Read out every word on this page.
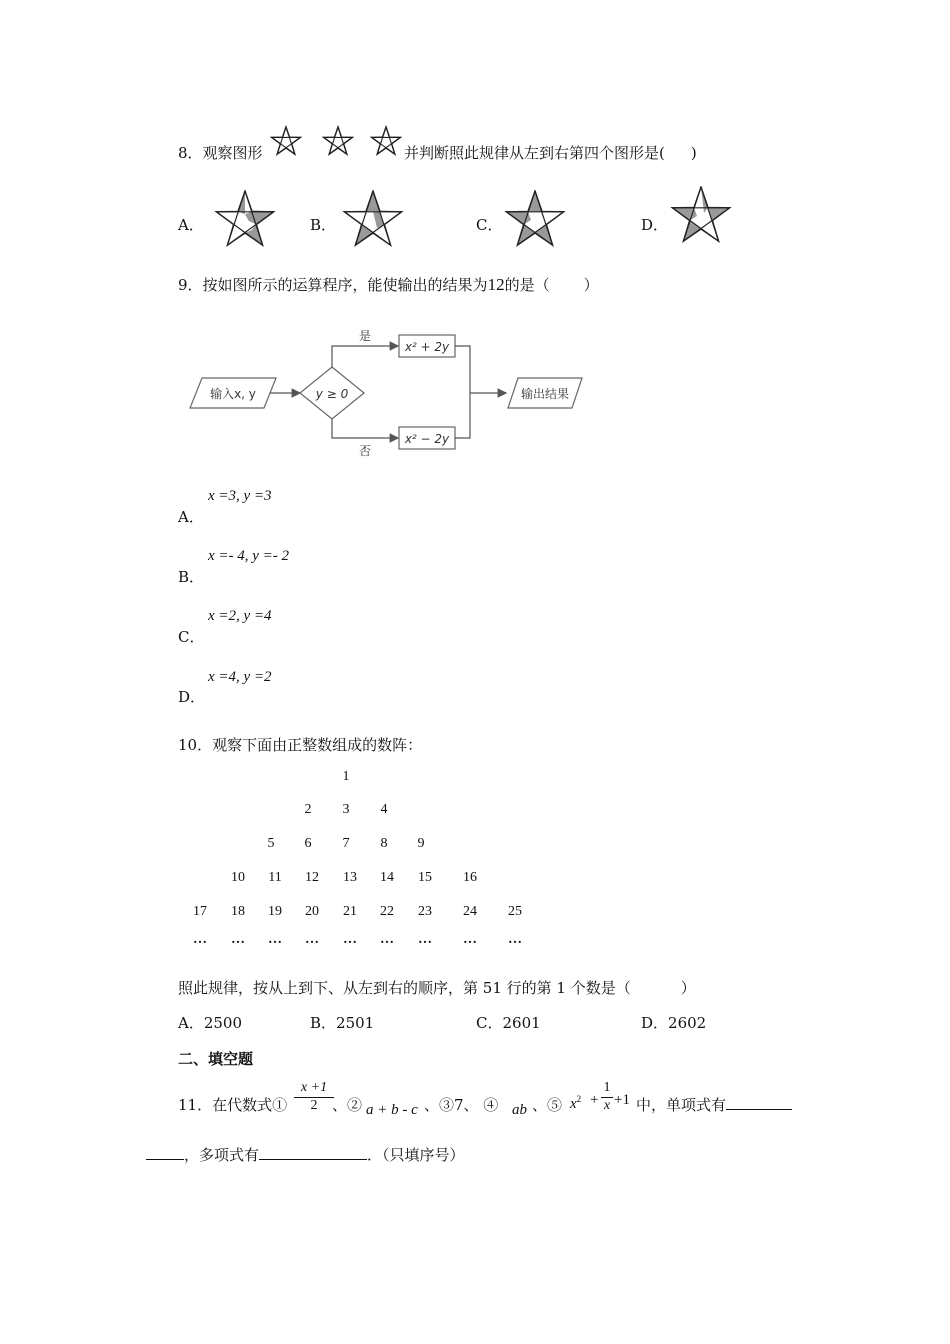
8．观察图形	并判断照此规律从左到右第四个图形是( )
A．	B．	C．	D．
9．按如图所示的运算程序，能使输出的结果为12的是（ ）
输入x, y	y ≥ 0
是
x² + 2y
否
x² − 2y
输出结果
x =3, y =3
A．
x =- 4, y =- 2
B．
x =2, y =4
C．
x =4, y =2
D．
10．观察下面由正整数组成的数阵：
1
2	3	4
5	6	7	8	9
10	11	12	13	14	15	16
17	18	19	20	21	22	23	24	25
…	…	…	…	…	…	…	…	…
照此规律，按从上到下、从左到右的顺序，第 51 行的第 1 个数是（	）
A．2500	B．2501	C．2601	D．2602
二、填空题
11．在代数式① $\frac{x +1}{2}$
、② a + b - c 、③7、 ④ ab 、⑤ $x^2 + \frac{1}{x} +1$ 中，单项式有
，多项式有	．（只填序号）
